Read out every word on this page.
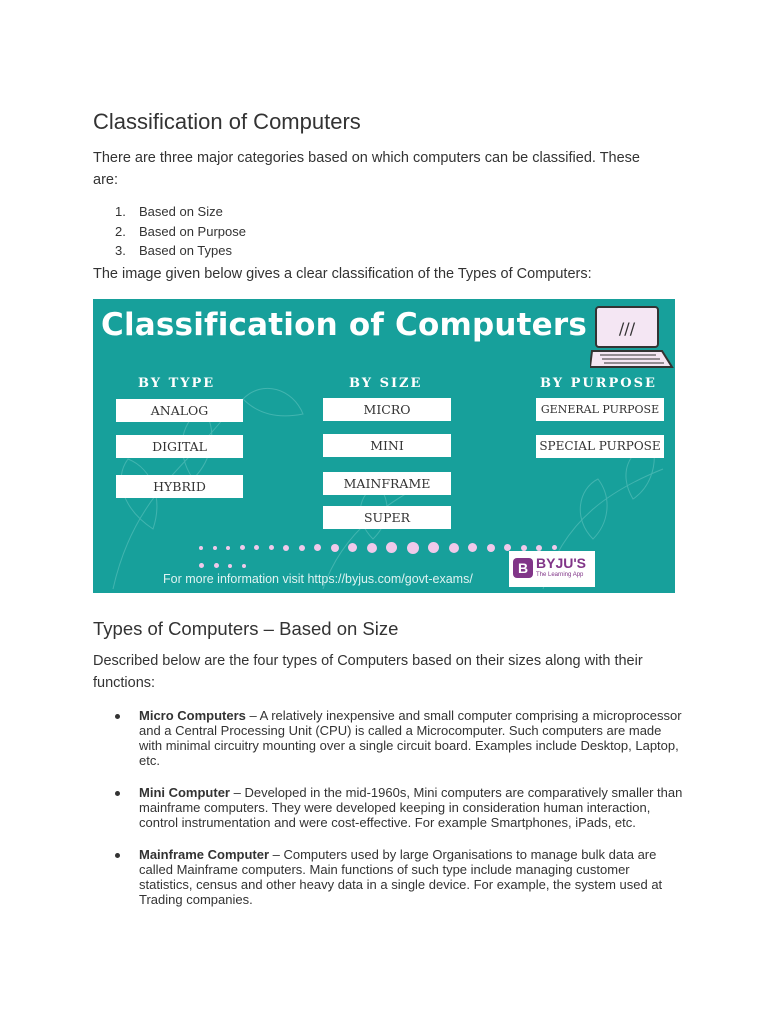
Classification of Computers

There are three major categories based on which computers can be classified. These are:

1. Based on Size
2. Based on Purpose
3. Based on Types

The image given below gives a clear classification of the Types of Computers:

Classification of Computers ///
BY TYPE	BY SIZE	BY PURPOSE
ANALOG
DIGITAL
HYBRID
MICRO
MINI
MAINFRAME
SUPER
GENERAL PURPOSE
SPECIAL PURPOSE
For more information visit https://byjus.com/govt-exams/
B BYJU'S
The Learning App
Types of Computers – Based on Size

Described below are the four types of Computers based on their sizes along with their functions:

Micro Computers – A relatively inexpensive and small computer comprising a microprocessor and a Central Processing Unit (CPU) is called a Microcomputer. Such computers are made with minimal circuitry mounting over a single circuit board. Examples include Desktop, Laptop, etc.
Mini Computer – Developed in the mid-1960s, Mini computers are comparatively smaller than mainframe computers. They were developed keeping in consideration human interaction, control instrumentation and were cost-effective. For example Smartphones, iPads, etc.
Mainframe Computer – Computers used by large Organisations to manage bulk data are called Mainframe computers. Main functions of such type include managing customer statistics, census and other heavy data in a single device. For example, the system used at Trading companies.
